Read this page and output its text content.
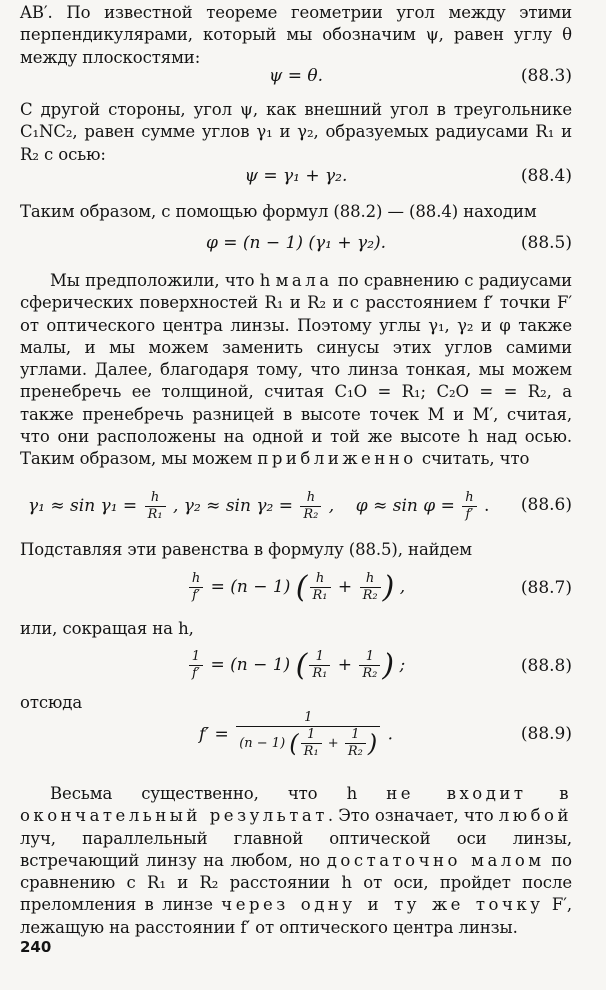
AB′. По известной теореме геометрии угол между этими перпендикулярами, который мы обозначим ψ, равен углу θ между плоскостями:
ψ = θ.	(88.3)
С другой стороны, угол ψ, как внешний угол в треугольнике C₁NC₂, равен сумме углов γ₁ и γ₂, образуемых радиусами R₁ и R₂ с осью:
ψ = γ₁ + γ₂.	(88.4)
Таким образом, с помощью формул (88.2) — (88.4) находим
φ = (n − 1) (γ₁ + γ₂).	(88.5)
Мы предположили, что h мала по сравнению с радиусами сферических поверхностей R₁ и R₂ и с расстоянием f′ точки F′ от оптического центра линзы. Поэтому углы γ₁, γ₂ и φ также малы, и мы можем заменить синусы этих углов самими углами. Далее, благодаря тому, что линза тонкая, мы можем пренебречь ее толщиной, считая C₁O = R₁; C₂O = = R₂, а также пренебречь разницей в высоте точек M и M′, считая, что они расположены на одной и той же высоте h над осью. Таким образом, мы можем приближенно считать, что
$\gamma_1 \approx \sin \gamma_1 = \frac{h}{\text{R₁}}$ , $\gamma_2 \approx \sin \gamma_2 = \frac{h}{\text{R₂}}$ ,    $\varphi \approx \sin \varphi = \frac{h}{f'}$ .	(88.6)
Подставляя эти равенства в формулу (88.5), найдем
$\frac{h}{f'} = (n - 1)$ ( $\frac{h}{\text{R₁}} + \frac{h}{\text{R₂}}$ ) ,	(88.7)
или, сокращая на h,
$\frac{1}{f'} = (n - 1)$ ( $\frac{1}{\text{R₁}} + \frac{1}{\text{R₂}}$ ) ;	(88.8)
отсюда
$f' = \frac{1}{(n - 1) ( \frac{1}{\text{R₁}} + \frac{1}{\text{R₂}} )}$ .	(88.9)
Весьма существенно, что h не входит в окончательный результат. Это означает, что любой луч, параллельный главной оптической оси линзы, встречающий линзу на любом, но достаточно малом по сравнению с R₁ и R₂ расстоянии h от оси, пройдет после преломления в линзе через одну и ту же точку F′, лежащую на расстоянии f′ от оптического центра линзы.
240
